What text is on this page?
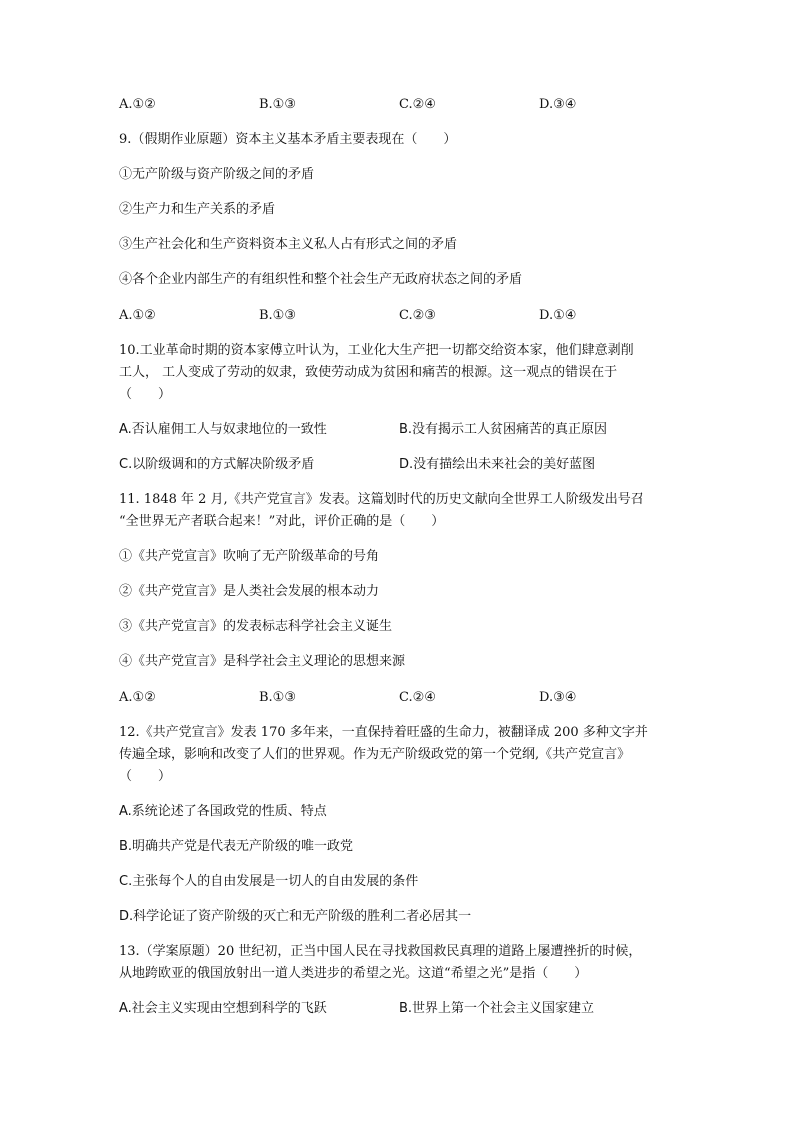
A.①②	B.①③	C.②④	D.③④
9.（假期作业原题）资本主义基本矛盾主要表现在（　　）
①无产阶级与资产阶级之间的矛盾
②生产力和生产关系的矛盾
③生产社会化和生产资料资本主义私人占有形式之间的矛盾
④各个企业内部生产的有组织性和整个社会生产无政府状态之间的矛盾
A.①②	B.①③	C.②③	D.①④
10.工业革命时期的资本家傅立叶认为，工业化大生产把一切都交给资本家，他们肆意剥削
工人， 工人变成了劳动的奴隶，致使劳动成为贫困和痛苦的根源。这一观点的错误在于
（　　）
A.否认雇佣工人与奴隶地位的一致性	B.没有揭示工人贫困痛苦的真正原因
C.以阶级调和的方式解决阶级矛盾	D.没有描绘出未来社会的美好蓝图
11. 1848 年 2 月,《共产党宣言》发表。这篇划时代的历史文献向全世界工人阶级发出号召
“全世界无产者联合起来！”对此，评价正确的是（　　）
①《共产党宣言》吹响了无产阶级革命的号角
②《共产党宣言》是人类社会发展的根本动力
③《共产党宣言》的发表标志科学社会主义诞生
④《共产党宣言》是科学社会主义理论的思想来源
A.①②	B.①③	C.②④	D.③④
12.《共产党宣言》发表 170 多年来，一直保持着旺盛的生命力，被翻译成 200 多种文字并
传遍全球，影响和改变了人们的世界观。作为无产阶级政党的第一个党纲,《共产党宣言》
（　　）
A.系统论述了各国政党的性质、特点
B.明确共产党是代表无产阶级的唯一政党
C.主张每个人的自由发展是一切人的自由发展的条件
D.科学论证了资产阶级的灭亡和无产阶级的胜利二者必居其一
13.（学案原题）20 世纪初，正当中国人民在寻找救国救民真理的道路上屡遭挫折的时候，
从地跨欧亚的俄国放射出一道人类进步的希望之光。这道“希望之光”是指（　　）
A.社会主义实现由空想到科学的飞跃	B.世界上第一个社会主义国家建立
